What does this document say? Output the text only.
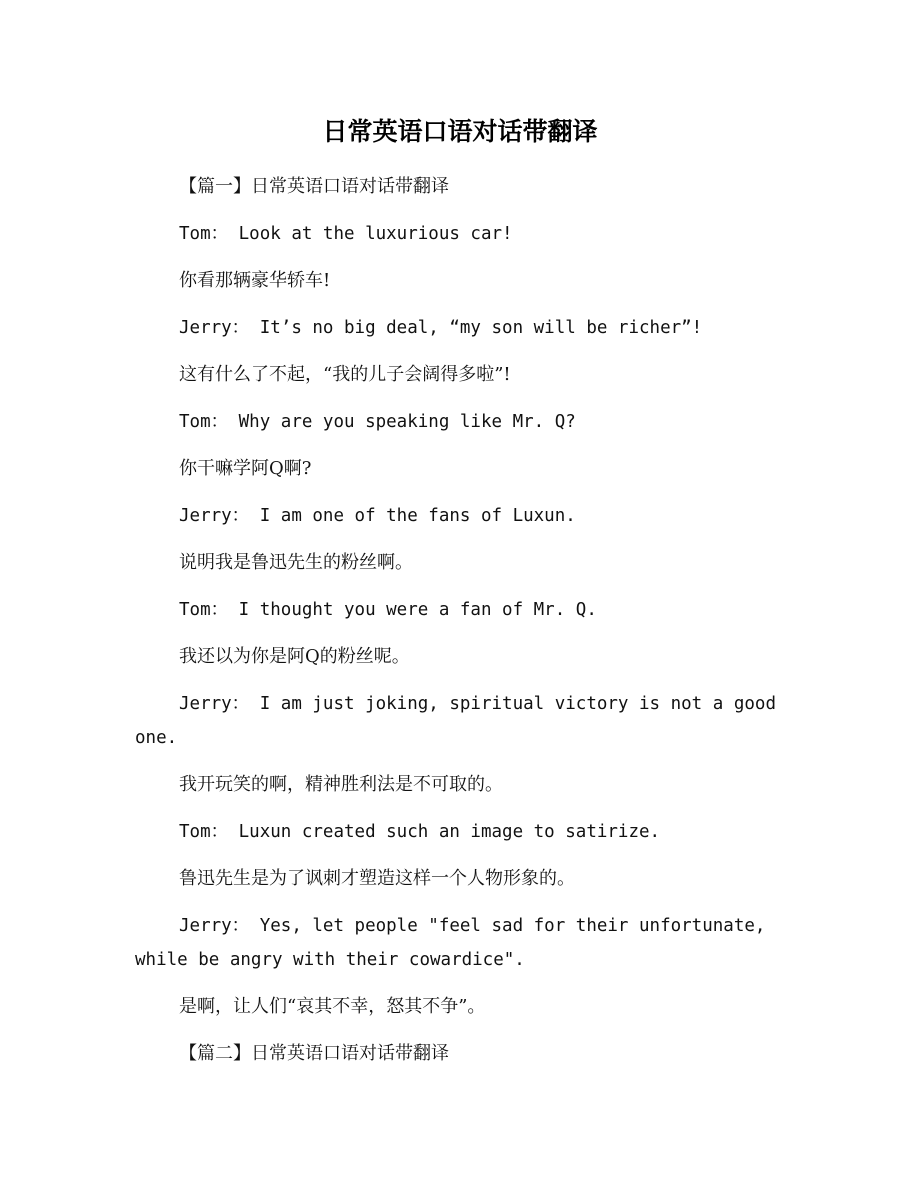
日常英语口语对话带翻译

【篇一】日常英语口语对话带翻译

Tom： Look at the luxurious car!

你看那辆豪华轿车!

Jerry： It’s no big deal, “my son will be richer”!

这有什么了不起，“我的儿子会阔得多啦”!

Tom： Why are you speaking like Mr. Q?

你干嘛学阿Q啊?

Jerry： I am one of the fans of Luxun.

说明我是鲁迅先生的粉丝啊。

Tom： I thought you were a fan of Mr. Q.

我还以为你是阿Q的粉丝呢。

Jerry： I am just joking, spiritual victory is not a good one.

我开玩笑的啊，精神胜利法是不可取的。

Tom： Luxun created such an image to satirize.

鲁迅先生是为了讽刺才塑造这样一个人物形象的。

Jerry： Yes, let people "feel sad for their unfortunate, while be angry with their cowardice".

是啊，让人们“哀其不幸，怒其不争”。

【篇二】日常英语口语对话带翻译
